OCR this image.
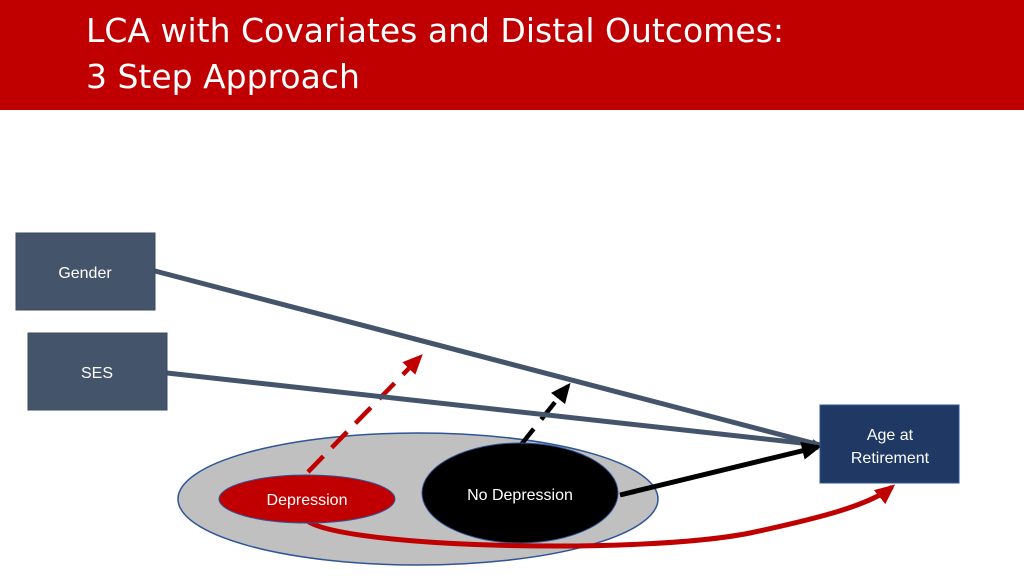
LCA with Covariates and Distal Outcomes:
3 Step Approach
Gender
SES
Age at
Retirement
Depression	No Depression
